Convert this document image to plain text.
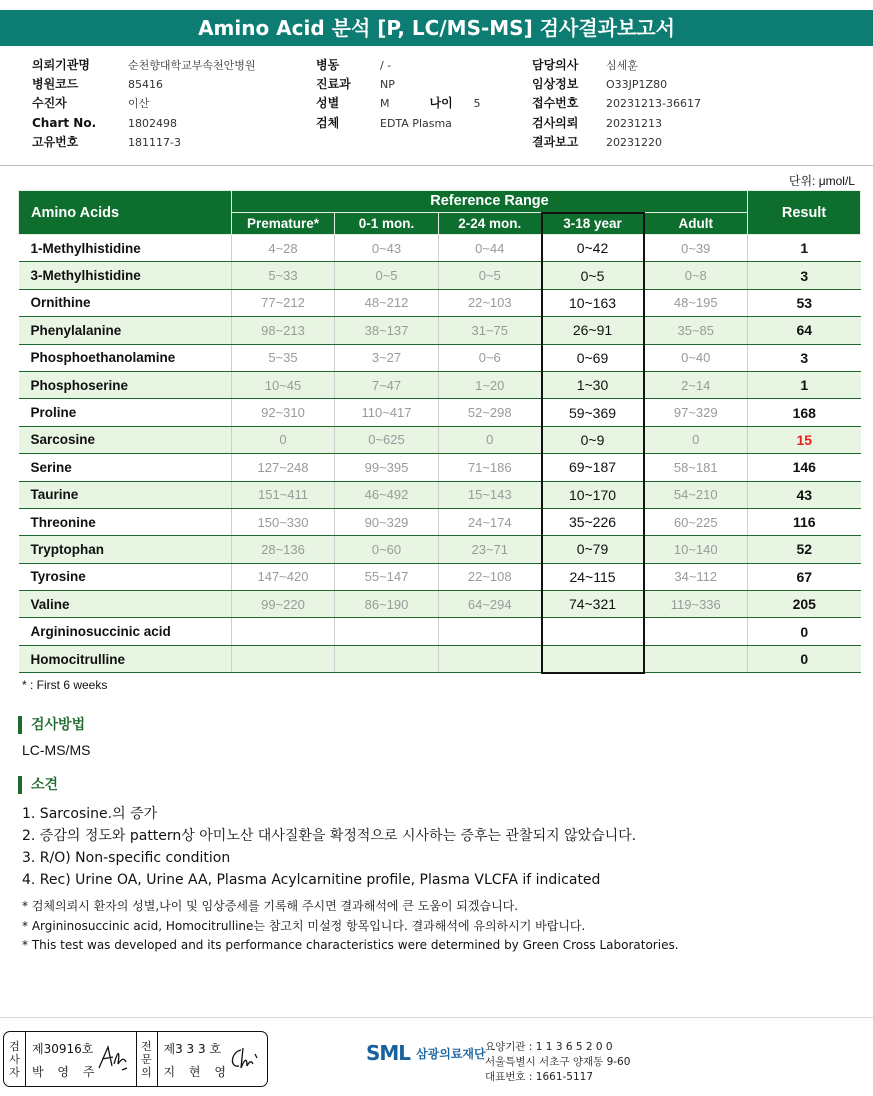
Amino Acid 분석 [P, LC/MS-MS] 검사결과보고서
의뢰기관명	순천향대학교부속천안병원
병원코드	85416
수진자	이산
Chart No.	1802498
고유번호	181117-3
병동	/ -
진료과	NP
성별	M	나이 5
검체	EDTA Plasma
담당의사	심세훈
임상정보	O33JP1Z80
접수번호	20231213-36617
검사의뢰	20231213
결과보고	20231220
단위: μmol/L
Amino Acids	Reference Range					Result
	Premature*	0-1 mon.	2-24 mon.	3-18 year	Adult	
1-Methylhistidine	4~28	0~43	0~44	0~42	0~39	1
3-Methylhistidine	5~33	0~5	0~5	0~5	0~8	3
Ornithine	77~212	48~212	22~103	10~163	48~195	53
Phenylalanine	98~213	38~137	31~75	26~91	35~85	64
Phosphoethanolamine	5~35	3~27	0~6	0~69	0~40	3
Phosphoserine	10~45	7~47	1~20	1~30	2~14	1
Proline	92~310	110~417	52~298	59~369	97~329	168
Sarcosine	0	0~625	0	0~9	0	15
Serine	127~248	99~395	71~186	69~187	58~181	146
Taurine	151~411	46~492	15~143	10~170	54~210	43
Threonine	150~330	90~329	24~174	35~226	60~225	116
Tryptophan	28~136	0~60	23~71	0~79	10~140	52
Tyrosine	147~420	55~147	22~108	24~115	34~112	67
Valine	99~220	86~190	64~294	74~321	119~336	205
Argininosuccinic acid						0
Homocitrulline						0
* : First 6 weeks
검사방법
LC-MS/MS
소견
1. Sarcosine.의 증가
2. 증감의 정도와 pattern상 아미노산 대사질환을 확정적으로 시사하는 증후는 관찰되지 않았습니다.
3. R/O) Non-specific condition
4. Rec) Urine OA, Urine AA, Plasma Acylcarnitine profile, Plasma VLCFA if indicated
* 검체의뢰시 환자의 성별,나이 및 임상증세를 기록해 주시면 결과해석에 큰 도움이 되겠습니다.
* Argininosuccinic acid, Homocitrulline는 참고치 미설정 항목입니다. 결과해석에 유의하시기 바랍니다.
* This test was developed and its performance characteristics were determined by Green Cross Laboratories.
검
사
자
제30916호
박 영 주
전
문
의
제3 3 3 호
지 현 영
SML 삼광의료재단 요양기관 : 1 1 3 6 5 2 0 0
서울특별시 서초구 양재동 9-60
대표번호 : 1661-5117
